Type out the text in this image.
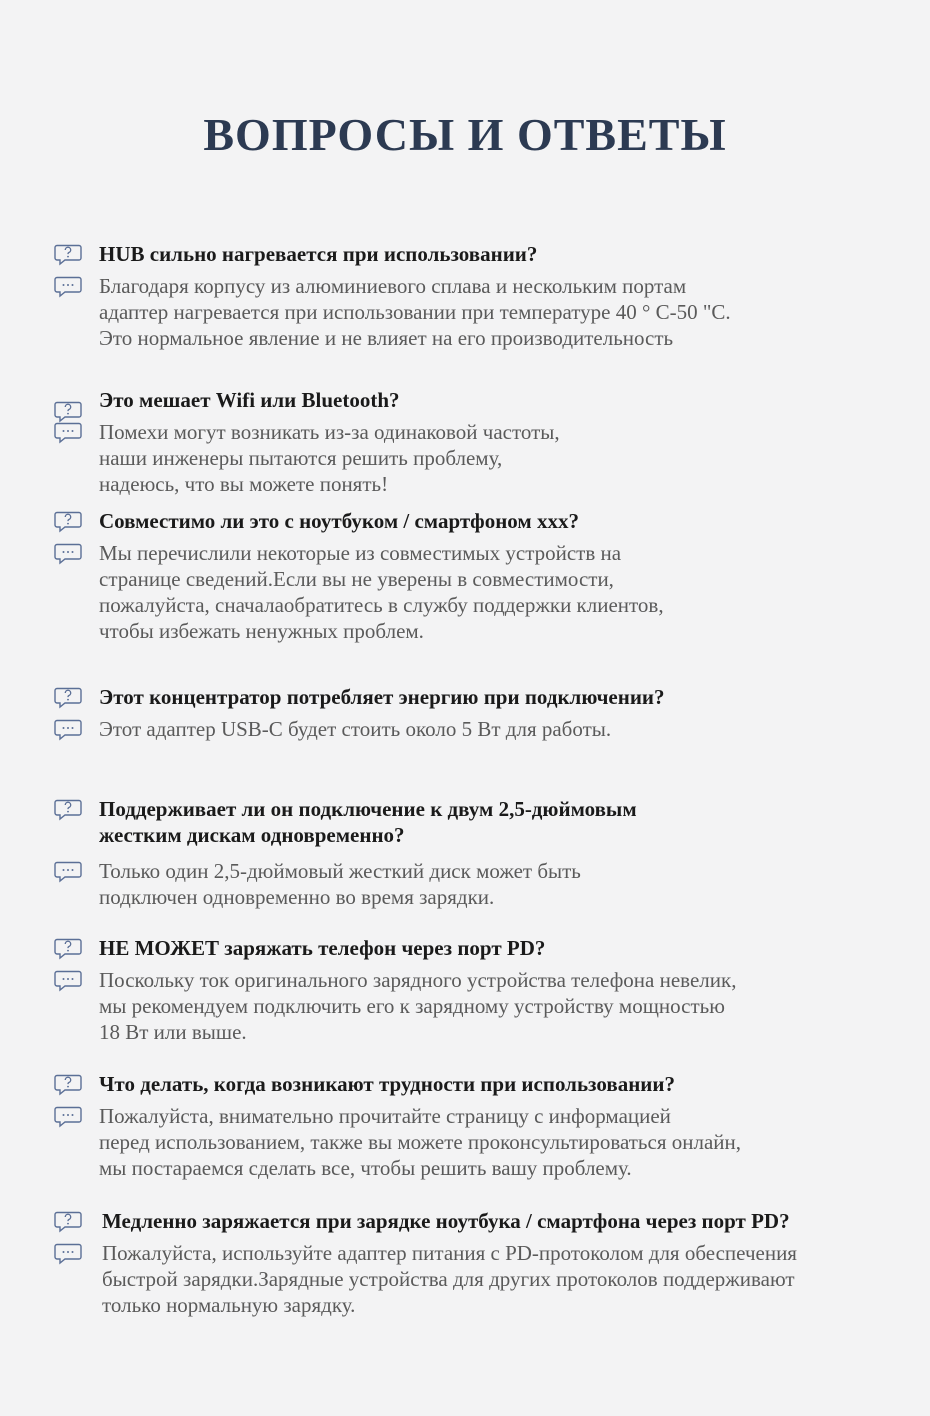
ВОПРОСЫ И ОТВЕТЫ
HUB сильно нагревается при использовании?
Благодаря корпусу из алюминиевого сплава и нескольким портам
адаптер нагревается при использовании при температуре 40 ° C-50 "C.
Это нормальное явление и не влияет на его производительность
Это мешает Wifi или Bluetooth?
Помехи могут возникать из-за одинаковой частоты,
наши инженеры пытаются решить проблему,
надеюсь, что вы можете понять!
Совместимо ли это с ноутбуком / смартфоном ххх?
Мы перечислили некоторые из совместимых устройств на
странице сведений.Если вы не уверены в совместимости,
пожалуйста, сначалаобратитесь в службу поддержки клиентов,
чтобы избежать ненужных проблем.
Этот концентратор потребляет энергию при подключении?
Этот адаптер USB-C будет стоить около 5 Вт для работы.
Поддерживает ли он подключение к двум 2,5-дюймовым
жестким дискам одновременно?
Только один 2,5-дюймовый жесткий диск может быть
подключен одновременно во время зарядки.
НЕ МОЖЕТ заряжать телефон через порт PD?
Поскольку ток оригинального зарядного устройства телефона невелик,
мы рекомендуем подключить его к зарядному устройству мощностью
18 Вт или выше.
Что делать, когда возникают трудности при использовании?
Пожалуйста, внимательно прочитайте страницу с информацией
перед использованием, также вы можете проконсультироваться онлайн,
мы постараемся сделать все, чтобы решить вашу проблему.
Медленно заряжается при зарядке ноутбука / смартфона через порт PD?
Пожалуйста, используйте адаптер питания с PD-протоколом для обеспечения
быстрой зарядки.Зарядные устройства для других протоколов поддерживают
только нормальную зарядку.
